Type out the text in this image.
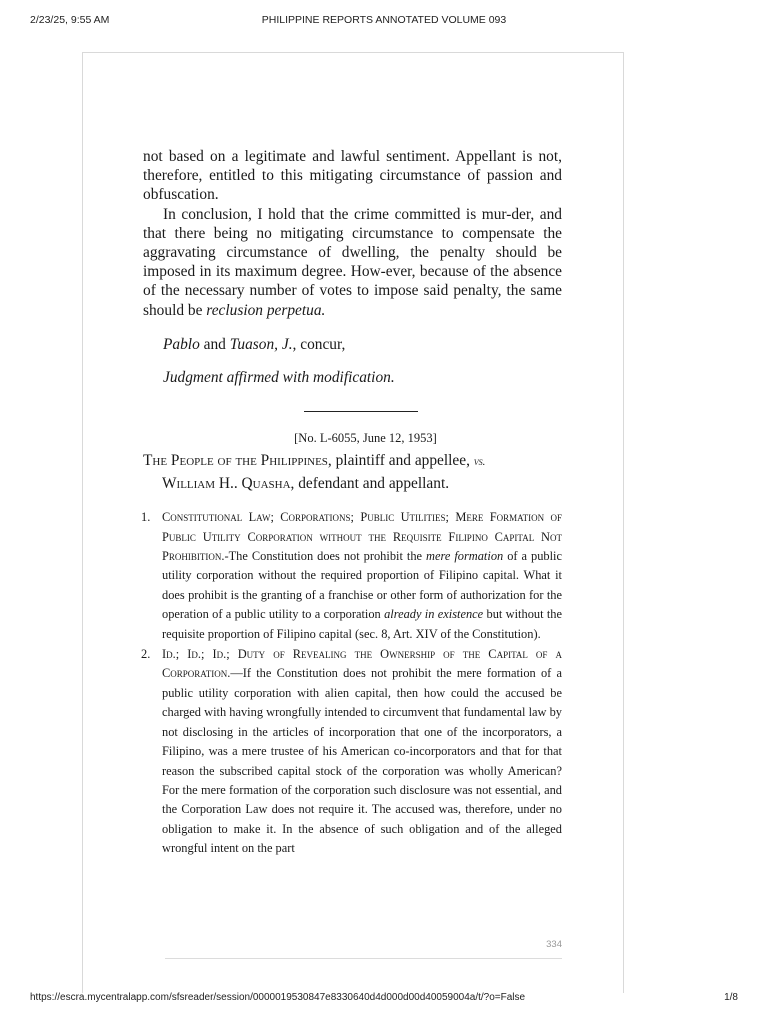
2/23/25, 9:55 AM	PHILIPPINE REPORTS ANNOTATED VOLUME 093

not based on a legitimate and lawful sentiment. Appellant is not, therefore, entitled to this mitigating circumstance of passion and obfuscation.

In conclusion, I hold that the crime committed is mur-der, and that there being no mitigating circumstance to compensate the aggravating circumstance of dwelling, the penalty should be imposed in its maximum degree. How-ever, because of the absence of the necessary number of votes to impose said penalty, the same should be reclusion perpetua.

Pablo and Tuason, J., concur,

Judgment affirmed with modification.

[No. L-6055, June 12, 1953]

The People of the Philippines, plaintiff and appellee, vs.
William H.. Quasha, defendant and appellant.

1. Constitutional Law; Corporations; Public Utilities; Mere Formation of Public Utility Corporation without the Requisite Filipino Capital Not Prohibition.-The Constitution does not prohibit the mere formation of a public utility corporation without the required proportion of Filipino capital. What it does prohibit is the granting of a franchise or other form of authorization for the operation of a public utility to a corporation already in existence but without the requisite proportion of Filipino capital (sec. 8, Art. XIV of the Constitution).
2. Id.; Id.; Id.; Duty of Revealing the Ownership of the Capital of a Corporation.—If the Constitution does not prohibit the mere formation of a public utility corporation with alien capital, then how could the accused be charged with having wrongfully intended to circumvent that fundamental law by not disclosing in the articles of incorporation that one of the incorporators, a Filipino, was a mere trustee of his American co-incorporators and that for that reason the subscribed capital stock of the corporation was wholly American? For the mere formation of the corporation such disclosure was not essential, and the Corporation Law does not require it. The accused was, therefore, under no obligation to make it. In the absence of such obligation and of the alleged wrongful intent on the part
334
https://escra.mycentralapp.com/sfsreader/session/0000019530847e8330640d4d000d00d40059004a/t/?o=False	1/8
